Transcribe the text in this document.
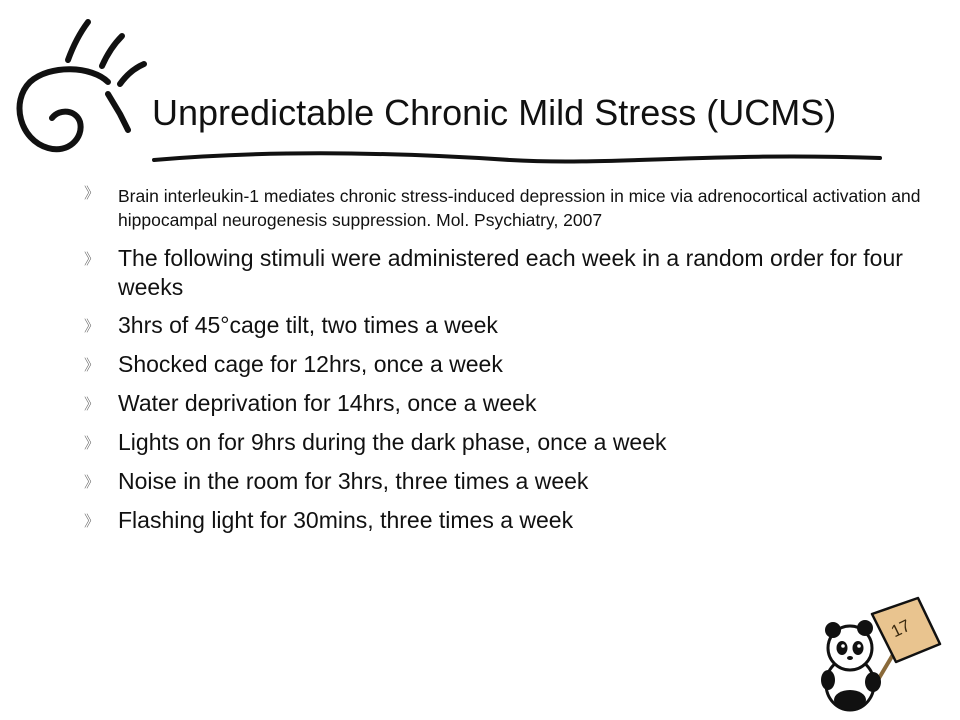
Unpredictable Chronic Mild Stress (UCMS)
》	Brain interleukin-1 mediates chronic stress-induced depression in mice via adrenocortical activation and hippocampal neurogenesis suppression. Mol. Psychiatry, 2007
》 The following stimuli were administered each week in a random order for four weeks
》 3hrs of 45°cage tilt, two times a week
》 Shocked cage for 12hrs, once a week
》 Water deprivation for 14hrs, once a week
》 Lights on for 9hrs during the dark phase, once a week
》 Noise in the room for 3hrs, three times a week
》 Flashing light for 30mins, three times a week
17
